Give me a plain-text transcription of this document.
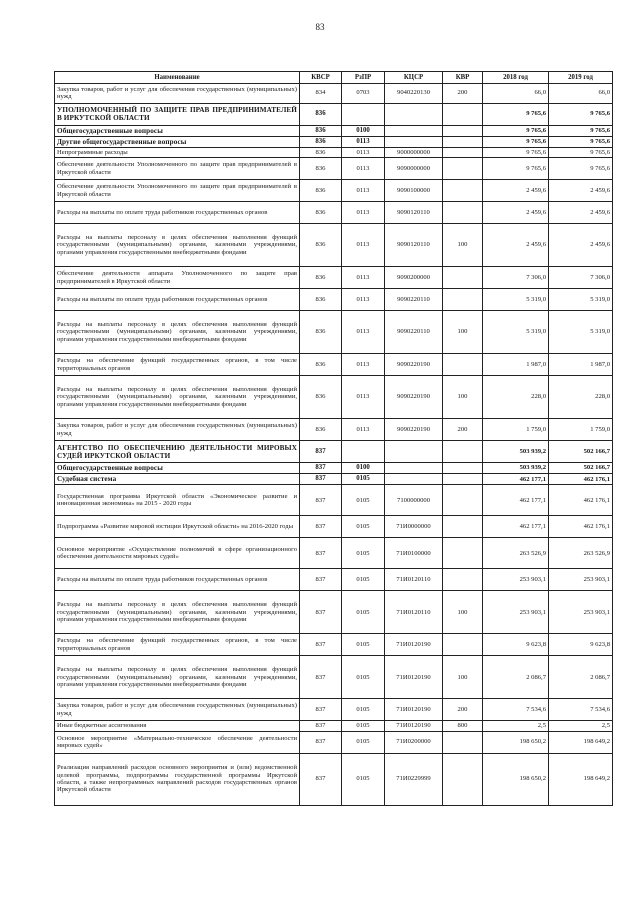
83
Наименование	КВСР	РзПР	КЦСР	КВР	2018 год	2019 год
Закупка товаров, работ и услуг для обеспечения государственных (муниципальных) нужд	834	0703	9040220130	200	66,0	66,0
УПОЛНОМОЧЕННЫЙ ПО ЗАЩИТЕ ПРАВ ПРЕДПРИНИМАТЕЛЕЙ В ИРКУТСКОЙ ОБЛАСТИ	836				9 765,6	9 765,6
Общегосударственные вопросы	836	0100			9 765,6	9 765,6
Другие общегосударственные вопросы	836	0113			9 765,6	9 765,6
Непрограммные расходы	836	0113	9000000000		9 765,6	9 765,6
Обеспечение деятельности Уполномоченного по защите прав предпринимателей в Иркутской области	836	0113	9090000000		9 765,6	9 765,6
Обеспечение деятельности Уполномоченного по защите прав предпринимателей в Иркутской области	836	0113	9090100000		2 459,6	2 459,6
Расходы на выплаты по оплате труда работников государственных органов	836	0113	9090120110		2 459,6	2 459,6
Расходы на выплаты персоналу в целях обеспечения выполнения функций государственными (муниципальными) органами, казенными учреждениями, органами управления государственными внебюджетными фондами	836	0113	9090120110	100	2 459,6	2 459,6
Обеспечение деятельности аппарата Уполномоченного по защите прав предпринимателей в Иркутской области	836	0113	9090200000		7 306,0	7 306,0
Расходы на выплаты по оплате труда работников государственных органов	836	0113	9090220110		5 319,0	5 319,0
Расходы на выплаты персоналу в целях обеспечения выполнения функций государственными (муниципальными) органами, казенными учреждениями, органами управления государственными внебюджетными фондами	836	0113	9090220110	100	5 319,0	5 319,0
Расходы на обеспечение функций государственных органов, в том числе территориальных органов	836	0113	9090220190		1 987,0	1 987,0
Расходы на выплаты персоналу в целях обеспечения выполнения функций государственными (муниципальными) органами, казенными учреждениями, органами управления государственными внебюджетными фондами	836	0113	9090220190	100	228,0	228,0
Закупка товаров, работ и услуг для обеспечения государственных (муниципальных) нужд	836	0113	9090220190	200	1 759,0	1 759,0
АГЕНТСТВО ПО ОБЕСПЕЧЕНИЮ ДЕЯТЕЛЬНОСТИ МИРОВЫХ СУДЕЙ ИРКУТСКОЙ ОБЛАСТИ	837				503 939,2	502 166,7
Общегосударственные вопросы	837	0100			503 939,2	502 166,7
Судебная система	837	0105			462 177,1	462 176,1
Государственная программа Иркутской области «Экономическое развитие и инновационная экономика» на 2015 - 2020 годы	837	0105	7100000000		462 177,1	462 176,1
Подпрограмма «Развитие мировой юстиции Иркутской области» на 2016-2020 годы	837	0105	71И0000000		462 177,1	462 176,1
Основное мероприятие «Осуществление полномочий в сфере организационного обеспечения деятельности мировых судей»	837	0105	71И0100000		263 526,9	263 526,9
Расходы на выплаты по оплате труда работников государственных органов	837	0105	71И0120110		253 903,1	253 903,1
Расходы на выплаты персоналу в целях обеспечения выполнения функций государственными (муниципальными) органами, казенными учреждениями, органами управления государственными внебюджетными фондами	837	0105	71И0120110	100	253 903,1	253 903,1
Расходы на обеспечение функций государственных органов, в том числе территориальных органов	837	0105	71И0120190		9 623,8	9 623,8
Расходы на выплаты персоналу в целях обеспечения выполнения функций государственными (муниципальными) органами, казенными учреждениями, органами управления государственными внебюджетными фондами	837	0105	71И0120190	100	2 086,7	2 086,7
Закупка товаров, работ и услуг для обеспечения государственных (муниципальных) нужд	837	0105	71И0120190	200	7 534,6	7 534,6
Иные бюджетные ассигнования	837	0105	71И0120190	800	2,5	2,5
Основное мероприятие «Материально-техническое обеспечение деятельности мировых судей»	837	0105	71И0200000		198 650,2	198 649,2
Реализация направлений расходов основного мероприятия и (или) ведомственной целевой программы, подпрограммы государственной программы Иркутской области, а также непрограммных направлений расходов государственных органов Иркутской области	837	0105	71И0229999		198 650,2	198 649,2
